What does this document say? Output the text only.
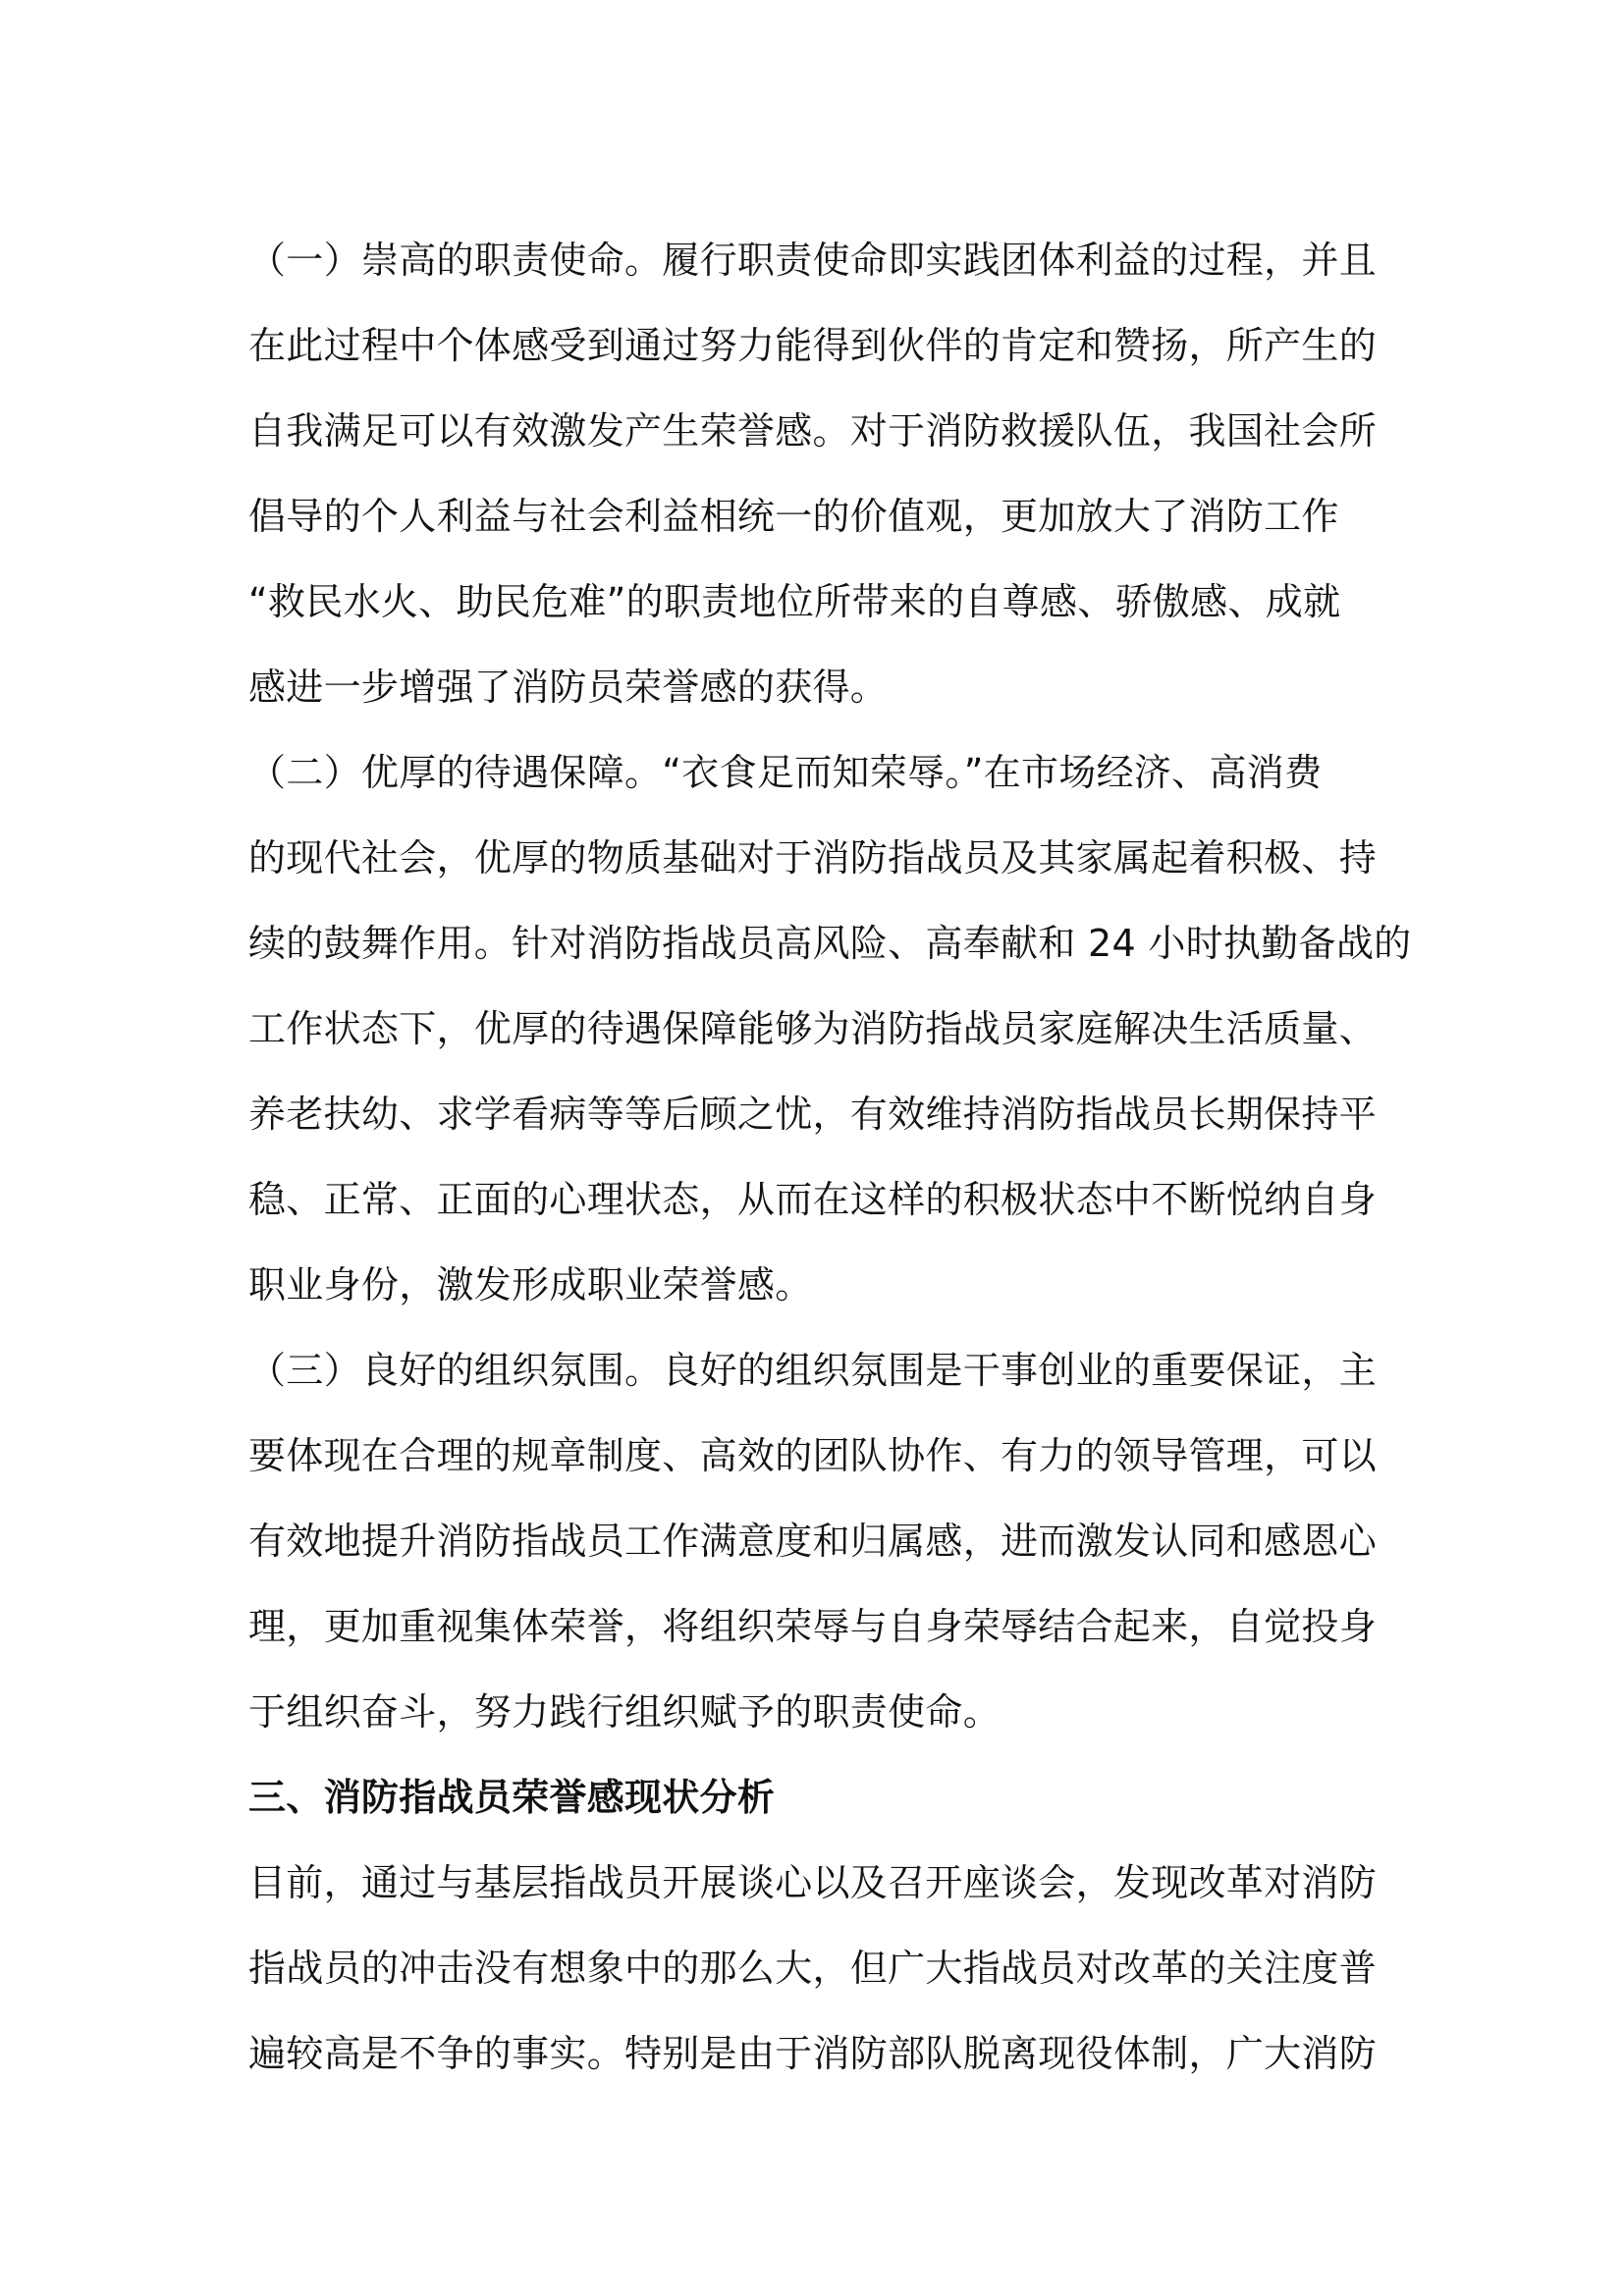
（一）崇高的职责使命。履行职责使命即实践团体利益的过程，并且
在此过程中个体感受到通过努力能得到伙伴的肯定和赞扬，所产生的
自我满足可以有效激发产生荣誉感。对于消防救援队伍，我国社会所
倡导的个人利益与社会利益相统一的价值观，更加放大了消防工作
“救民水火、助民危难”的职责地位所带来的自尊感、骄傲感、成就
感进一步增强了消防员荣誉感的获得。
（二）优厚的待遇保障。“衣食足而知荣辱。”在市场经济、高消费
的现代社会，优厚的物质基础对于消防指战员及其家属起着积极、持
续的鼓舞作用。针对消防指战员高风险、高奉献和 24 小时执勤备战的
工作状态下，优厚的待遇保障能够为消防指战员家庭解决生活质量、
养老扶幼、求学看病等等后顾之忧，有效维持消防指战员长期保持平
稳、正常、正面的心理状态，从而在这样的积极状态中不断悦纳自身
职业身份，激发形成职业荣誉感。
（三）良好的组织氛围。良好的组织氛围是干事创业的重要保证，主
要体现在合理的规章制度、高效的团队协作、有力的领导管理，可以
有效地提升消防指战员工作满意度和归属感，进而激发认同和感恩心
理，更加重视集体荣誉，将组织荣辱与自身荣辱结合起来，自觉投身
于组织奋斗，努力践行组织赋予的职责使命。
三、消防指战员荣誉感现状分析
目前，通过与基层指战员开展谈心以及召开座谈会，发现改革对消防
指战员的冲击没有想象中的那么大，但广大指战员对改革的关注度普
遍较高是不争的事实。特别是由于消防部队脱离现役体制，广大消防
